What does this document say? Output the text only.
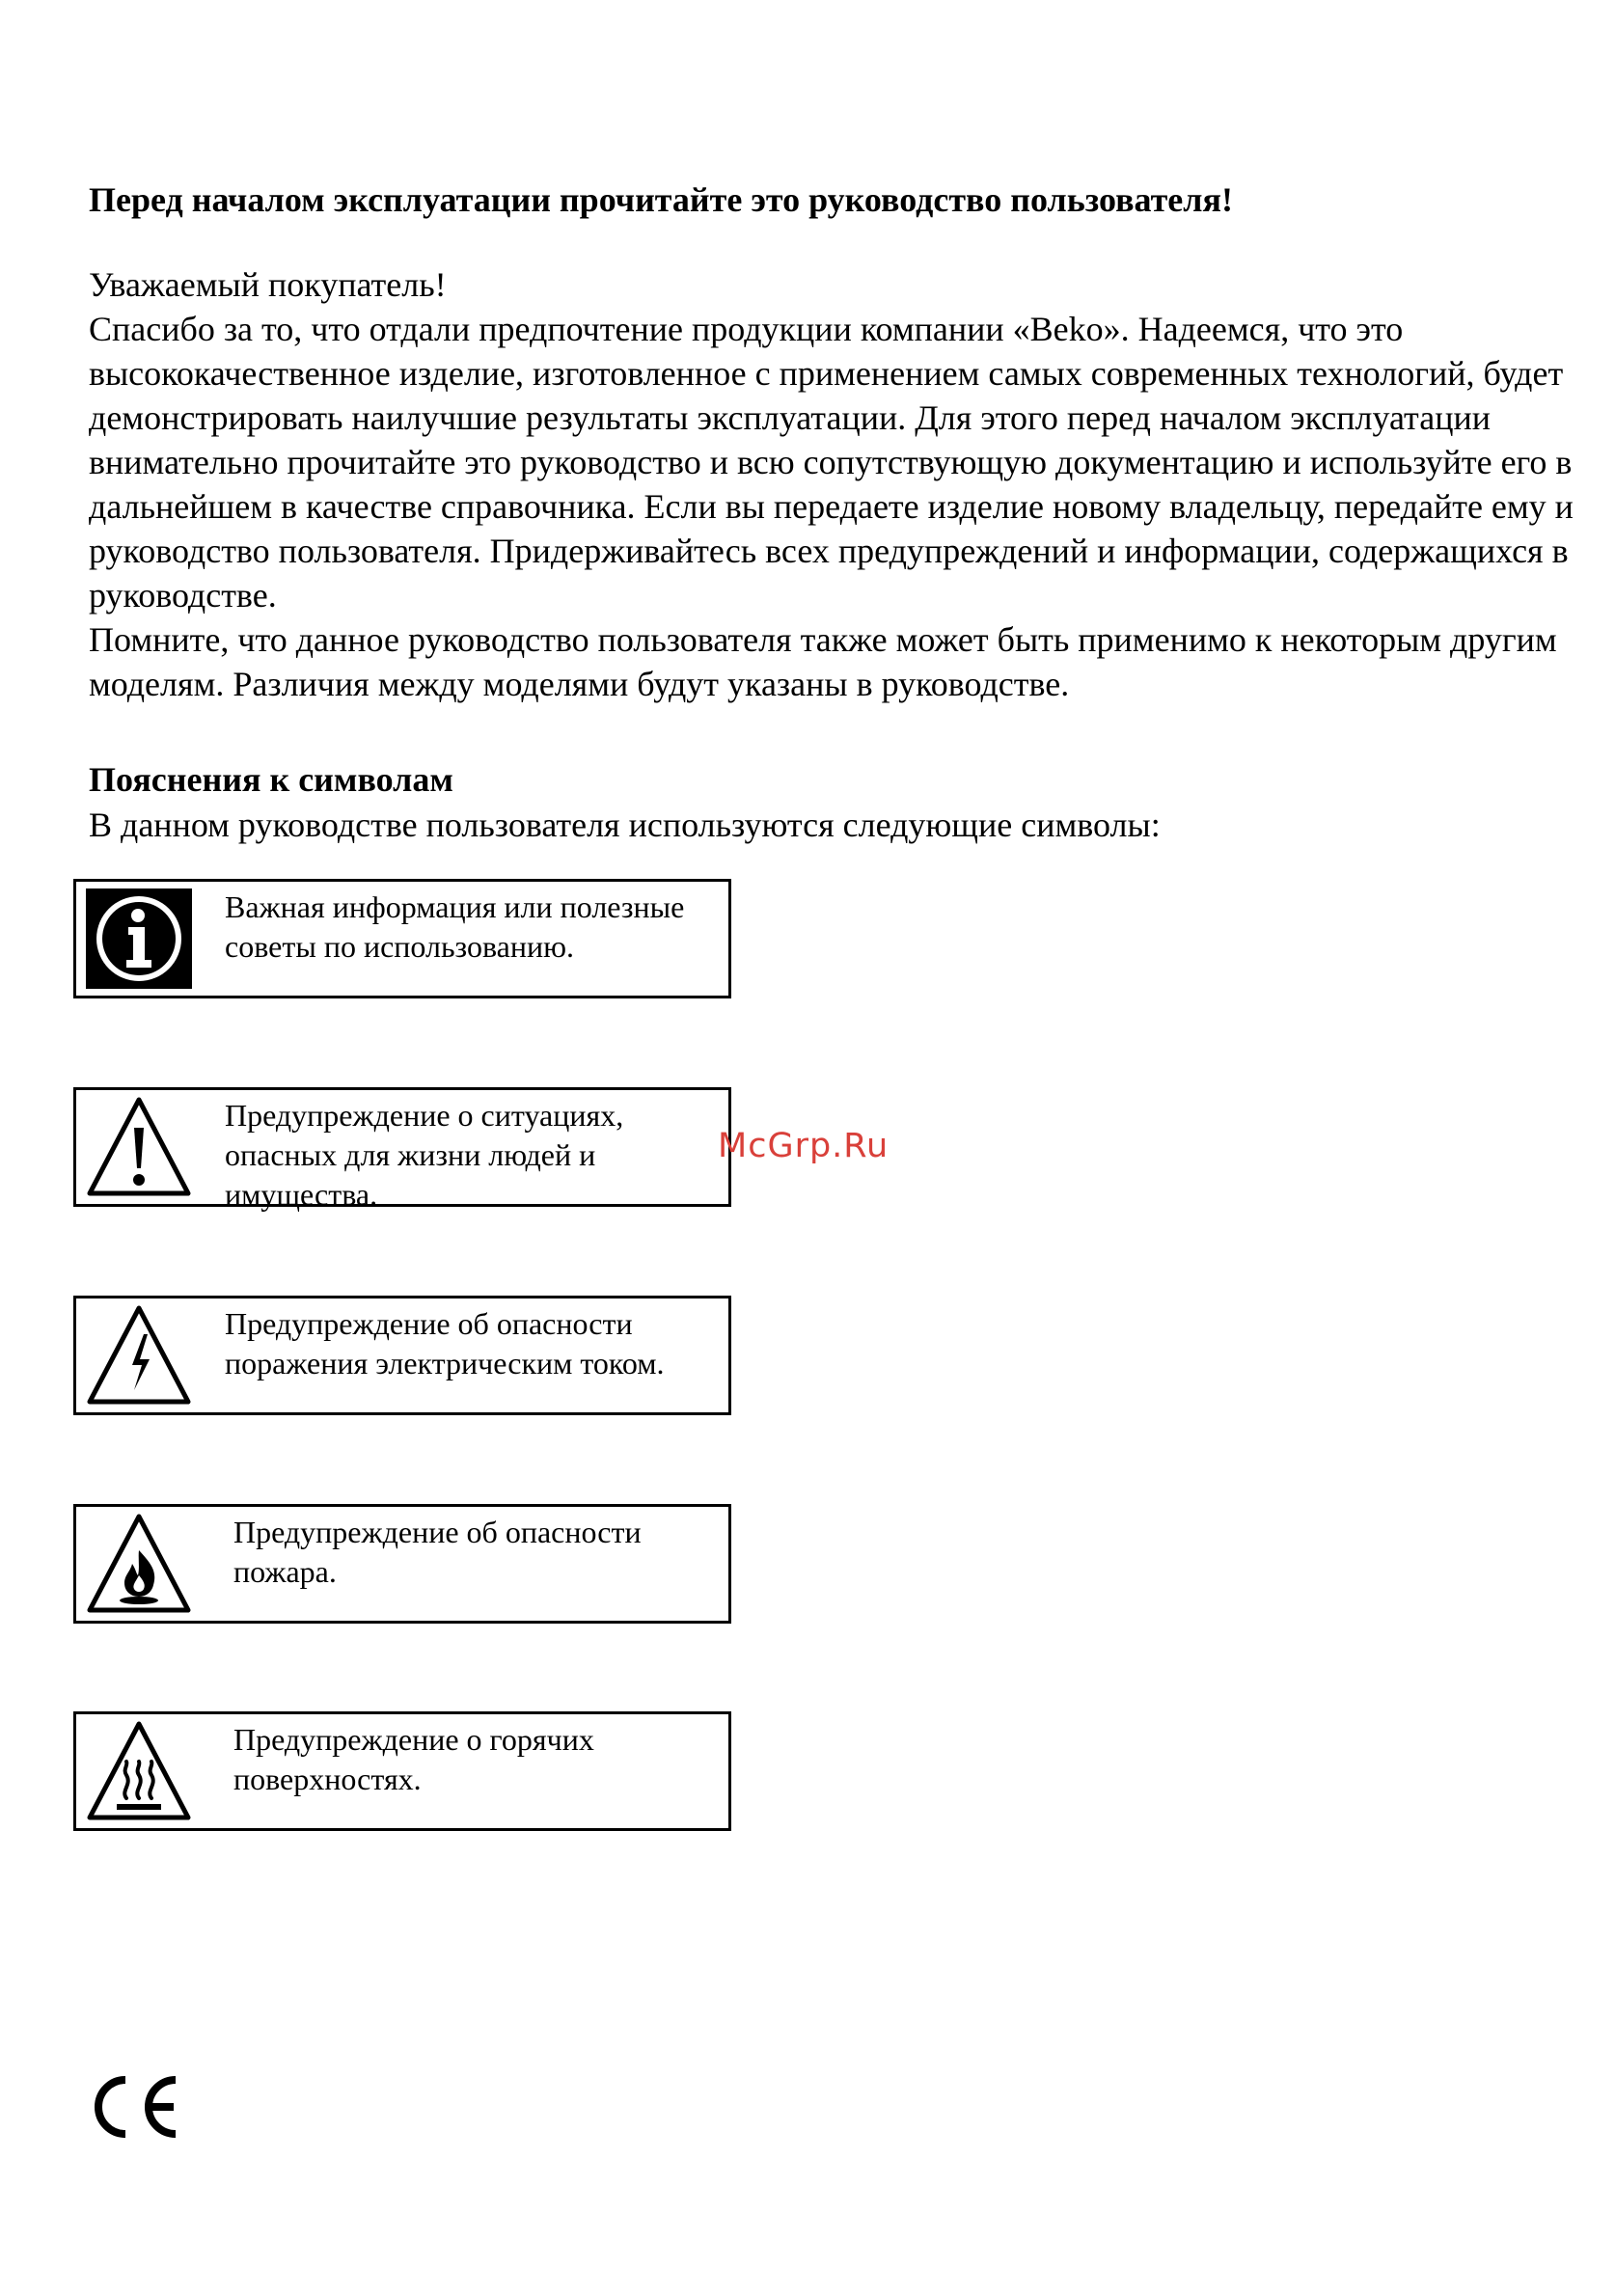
Перед началом эксплуатации прочитайте это руководство пользователя!

Уважаемый покупатель!

Спасибо за то, что отдали предпочтение продукции компании «Beko». Надеемся, что это высококачественное изделие, изготовленное с применением самых современных технологий, будет демонстрировать наилучшие результаты эксплуатации. Для этого перед началом эксплуатации внимательно прочитайте это руководство и всю сопутствующую документацию и используйте его в дальнейшем в качестве справочника. Если вы передаете изделие новому владельцу, передайте ему и руководство пользователя. Придерживайтесь всех предупреждений и информации, содержащихся в руководстве.

Помните, что данное руководство пользователя также может быть применимо к некоторым другим моделям. Различия между моделями будут указаны в руководстве.

Пояснения к символам

В данном руководстве пользователя используются следующие символы:

Важная информация или полезные советы по использованию.

Предупреждение о ситуациях, опасных для жизни людей и имущества.

Предупреждение об опасности поражения электрическим током.

Предупреждение об опасности пожара.

Предупреждение о горячих поверхностях.

McGrp.Ru
